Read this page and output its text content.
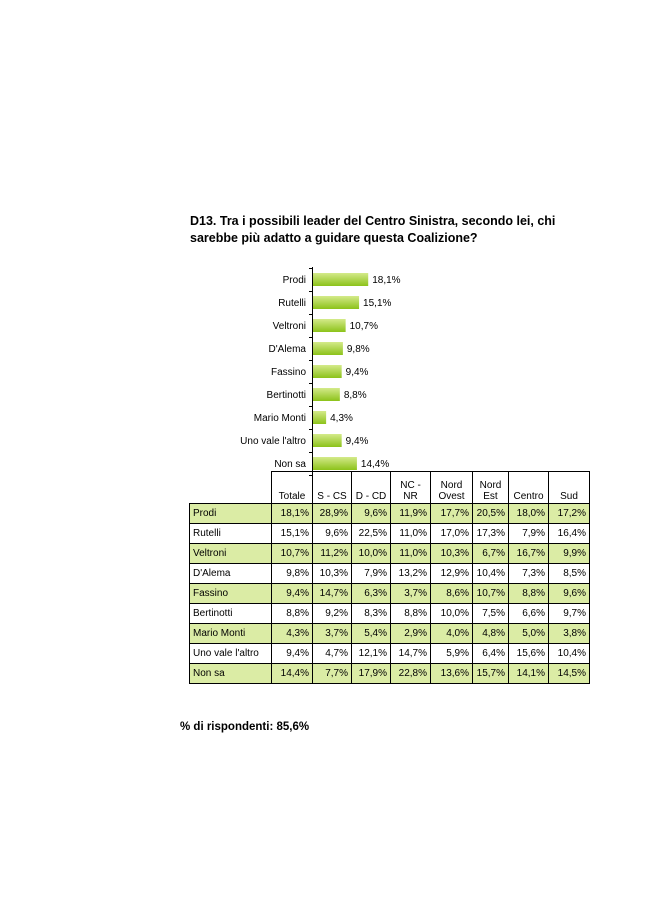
D13. Tra i possibili leader del Centro Sinistra, secondo lei, chi sarebbe più adatto a guidare questa Coalizione?

Prodi	18,1%
Rutelli	15,1%
Veltroni	10,7%
D'Alema	9,8%
Fassino	9,4%
Bertinotti	8,8%
Mario Monti 4,3%
Uno vale l'altro	9,4%
Non sa	14,4%
	Totale	S - CS	D - CD	NC - NR	Nord Ovest	Nord Est	Centro	Sud
Prodi	18,1%	28,9%	9,6%	11,9%	17,7%	20,5%	18,0%	17,2%
Rutelli	15,1%	9,6%	22,5%	11,0%	17,0%	17,3%	7,9%	16,4%
Veltroni	10,7%	11,2%	10,0%	11,0%	10,3%	6,7%	16,7%	9,9%
D'Alema	9,8%	10,3%	7,9%	13,2%	12,9%	10,4%	7,3%	8,5%
Fassino	9,4%	14,7%	6,3%	3,7%	8,6%	10,7%	8,8%	9,6%
Bertinotti	8,8%	9,2%	8,3%	8,8%	10,0%	7,5%	6,6%	9,7%
Mario Monti	4,3%	3,7%	5,4%	2,9%	4,0%	4,8%	5,0%	3,8%
Uno vale l'altro	9,4%	4,7%	12,1%	14,7%	5,9%	6,4%	15,6%	10,4%
Non sa	14,4%	7,7%	17,9%	22,8%	13,6%	15,7%	14,1%	14,5%

% di rispondenti: 85,6%
